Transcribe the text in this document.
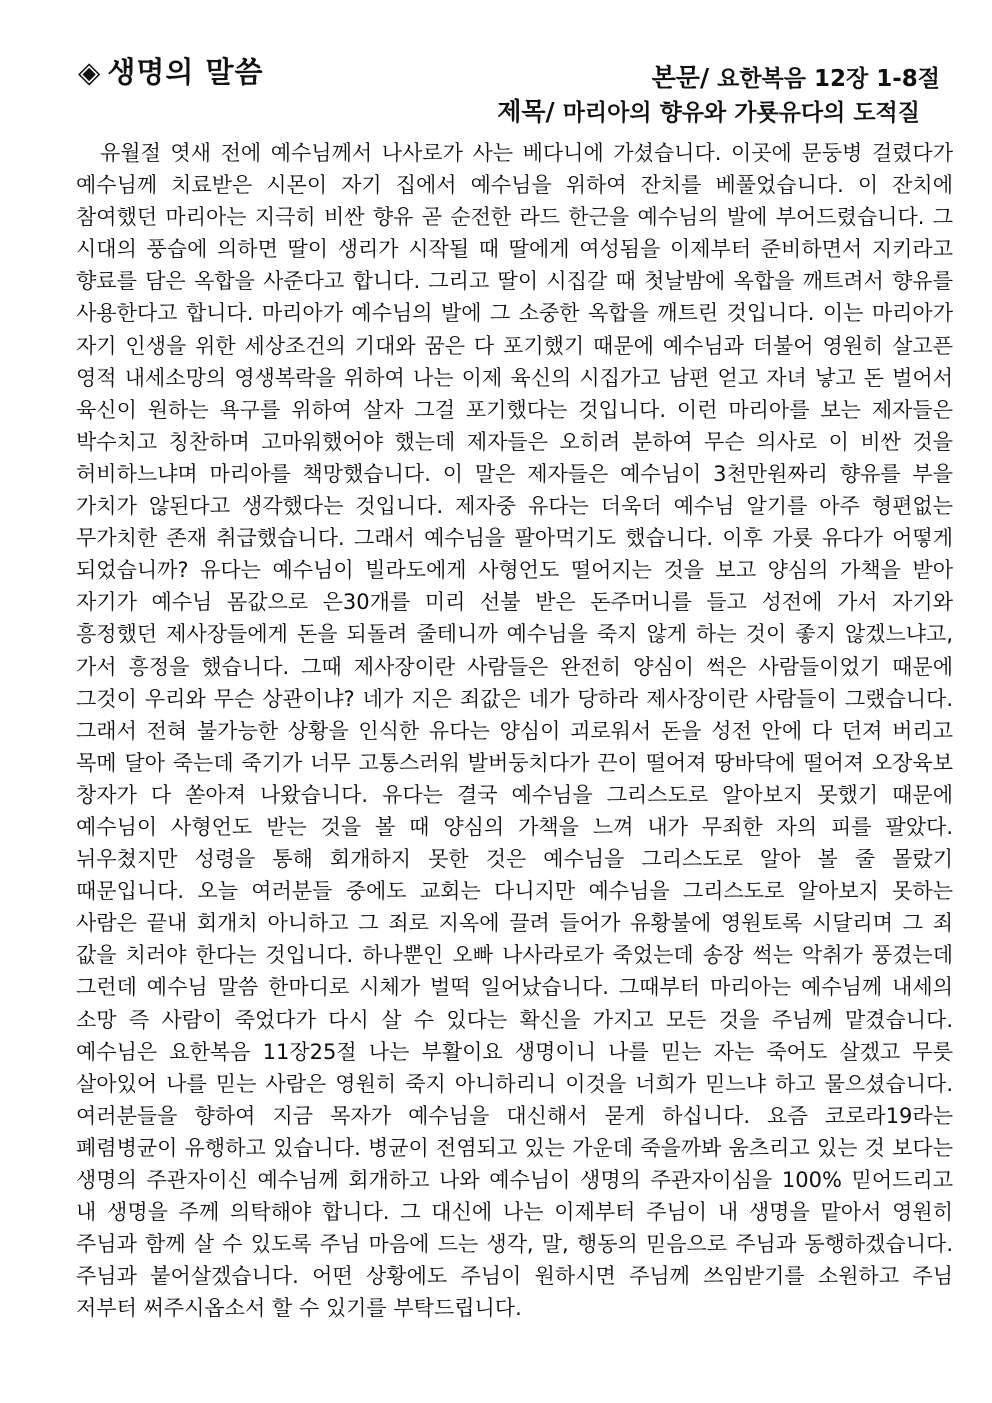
◈ 생명의 말씀	본문/ 요한복음 12장 1-8절
제목/ 마리아의 향유와 가룟유다의 도적질
유월절 엿새 전에 예수님께서 나사로가 사는 베다니에 가셨습니다. 이곳에 문둥병 걸렸다가 예수님께 치료받은 시몬이 자기 집에서 예수님을 위하여 잔치를 베풀었습니다. 이 잔치에 참여했던 마리아는 지극히 비싼 향유 곧 순전한 라드 한근을 예수님의 발에 부어드렸습니다. 그 시대의 풍습에 의하면 딸이 생리가 시작될 때 딸에게 여성됨을 이제부터 준비하면서 지키라고 향료를 담은 옥합을 사준다고 합니다. 그리고 딸이 시집갈 때 첫날밤에 옥합을 깨트려서 향유를 사용한다고 합니다. 마리아가 예수님의 발에 그 소중한 옥합을 깨트린 것입니다. 이는 마리아가 자기 인생을 위한 세상조건의 기대와 꿈은 다 포기했기 때문에 예수님과 더불어 영원히 살고픈 영적 내세소망의 영생복락을 위하여 나는 이제 육신의 시집가고 남편 얻고 자녀 낳고 돈 벌어서 육신이 원하는 욕구를 위하여 살자 그걸 포기했다는 것입니다. 이런 마리아를 보는 제자들은 박수치고 칭찬하며 고마워했어야 했는데 제자들은 오히려 분하여 무슨 의사로 이 비싼 것을 허비하느냐며 마리아를 책망했습니다. 이 말은 제자들은 예수님이 3천만원짜리 향유를 부을 가치가 않된다고 생각했다는 것입니다. 제자중 유다는 더욱더 예수님 알기를 아주 형편없는 무가치한 존재 취급했습니다. 그래서 예수님을 팔아먹기도 했습니다. 이후 가룟 유다가 어떻게 되었습니까? 유다는 예수님이 빌라도에게 사형언도 떨어지는 것을 보고 양심의 가책을 받아 자기가 예수님 몸값으로 은30개를 미리 선불 받은 돈주머니를 들고 성전에 가서 자기와 흥정했던 제사장들에게 돈을 되돌려 줄테니까 예수님을 죽지 않게 하는 것이 좋지 않겠느냐고, 가서 흥정을 했습니다. 그때 제사장이란 사람들은 완전히 양심이 썩은 사람들이었기 때문에 그것이 우리와 무슨 상관이냐? 네가 지은 죄값은 네가 당하라 제사장이란 사람들이 그랬습니다. 그래서 전혀 불가능한 상황을 인식한 유다는 양심이 괴로워서 돈을 성전 안에 다 던져 버리고 목메 달아 죽는데 죽기가 너무 고통스러워 발버둥치다가 끈이 떨어져 땅바닥에 떨어져 오장육보 창자가 다 쏟아져 나왔습니다. 유다는 결국 예수님을 그리스도로 알아보지 못했기 때문에 예수님이 사형언도 받는 것을 볼 때 양심의 가책을 느껴 내가 무죄한 자의 피를 팔았다. 뉘우쳤지만 성령을 통해 회개하지 못한 것은 예수님을 그리스도로 알아 볼 줄 몰랐기 때문입니다. 오늘 여러분들 중에도 교회는 다니지만 예수님을 그리스도로 알아보지 못하는 사람은 끝내 회개치 아니하고 그 죄로 지옥에 끌려 들어가 유황불에 영원토록 시달리며 그 죄 값을 치러야 한다는 것입니다. 하나뿐인 오빠 나사라로가 죽었는데 송장 썩는 악취가 풍겼는데 그런데 예수님 말씀 한마디로 시체가 벌떡 일어났습니다. 그때부터 마리아는 예수님께 내세의 소망 즉 사람이 죽었다가 다시 살 수 있다는 확신을 가지고 모든 것을 주님께 맡겼습니다. 예수님은 요한복음 11장25절 나는 부활이요 생명이니 나를 믿는 자는 죽어도 살겠고 무릇 살아있어 나를 믿는 사람은 영원히 죽지 아니하리니 이것을 너희가 믿느냐 하고 물으셨습니다. 여러분들을 향하여 지금 목자가 예수님을 대신해서 묻게 하십니다. 요즘 코로라19라는 폐렴병균이 유행하고 있습니다. 병균이 전염되고 있는 가운데 죽을까봐 움츠리고 있는 것 보다는 생명의 주관자이신 예수님께 회개하고 나와 예수님이 생명의 주관자이심을 100% 믿어드리고 내 생명을 주께 의탁해야 합니다. 그 대신에 나는 이제부터 주님이 내 생명을 맡아서 영원히 주님과 함께 살 수 있도록 주님 마음에 드는 생각, 말, 행동의 믿음으로 주님과 동행하겠습니다. 주님과 붙어살겠습니다. 어떤 상황에도 주님이 원하시면 주님께 쓰임받기를 소원하고 주님 저부터 써주시옵소서 할 수 있기를 부탁드립니다.
